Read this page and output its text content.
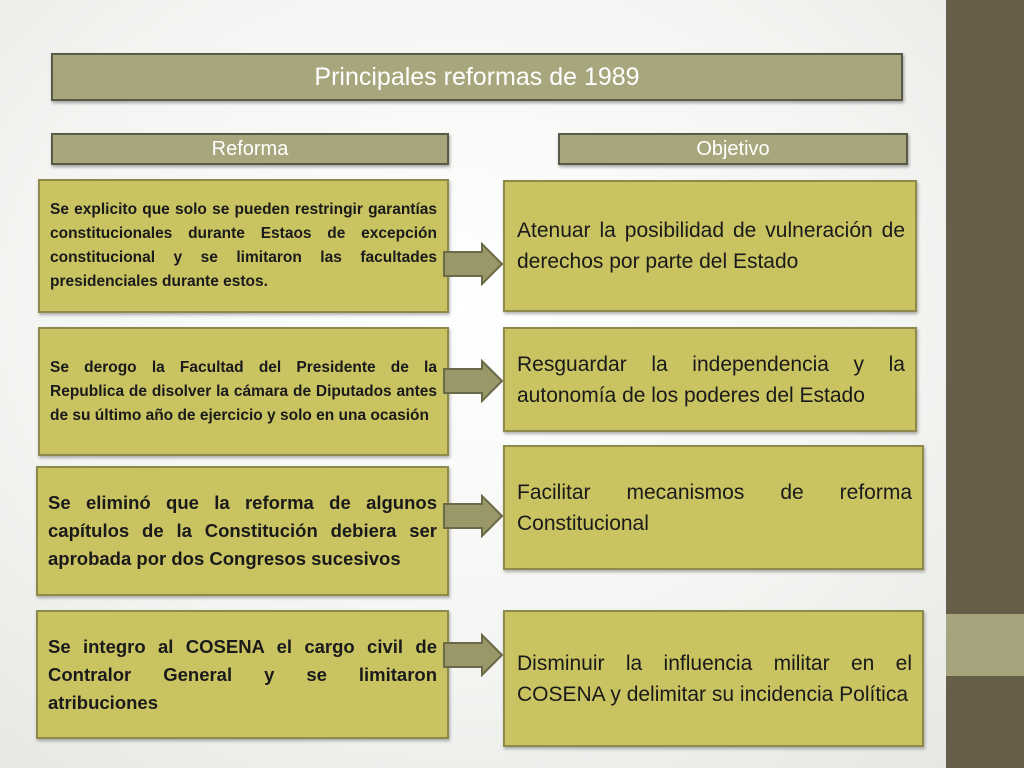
Principales reformas de 1989
Reforma	Objetivo
Se explicito que solo se pueden restringir garantías constitucionales durante Estaos de excepción constitucional y se limitaron las facultades presidenciales durante estos.
Atenuar la posibilidad de vulneración de derechos por parte del Estado
Se derogo la Facultad del Presidente de la Republica de disolver la cámara de Diputados antes de su último año de ejercicio y solo en una ocasión
Resguardar la independencia y la autonomía de los poderes del Estado
Se eliminó que la reforma de algunos capítulos de la Constitución debiera ser aprobada por dos Congresos sucesivos
Facilitar mecanismos de reforma Constitucional
Se integro al COSENA el cargo civil de Contralor General y se limitaron atribuciones
Disminuir la influencia militar en el COSENA y delimitar su incidencia Política
